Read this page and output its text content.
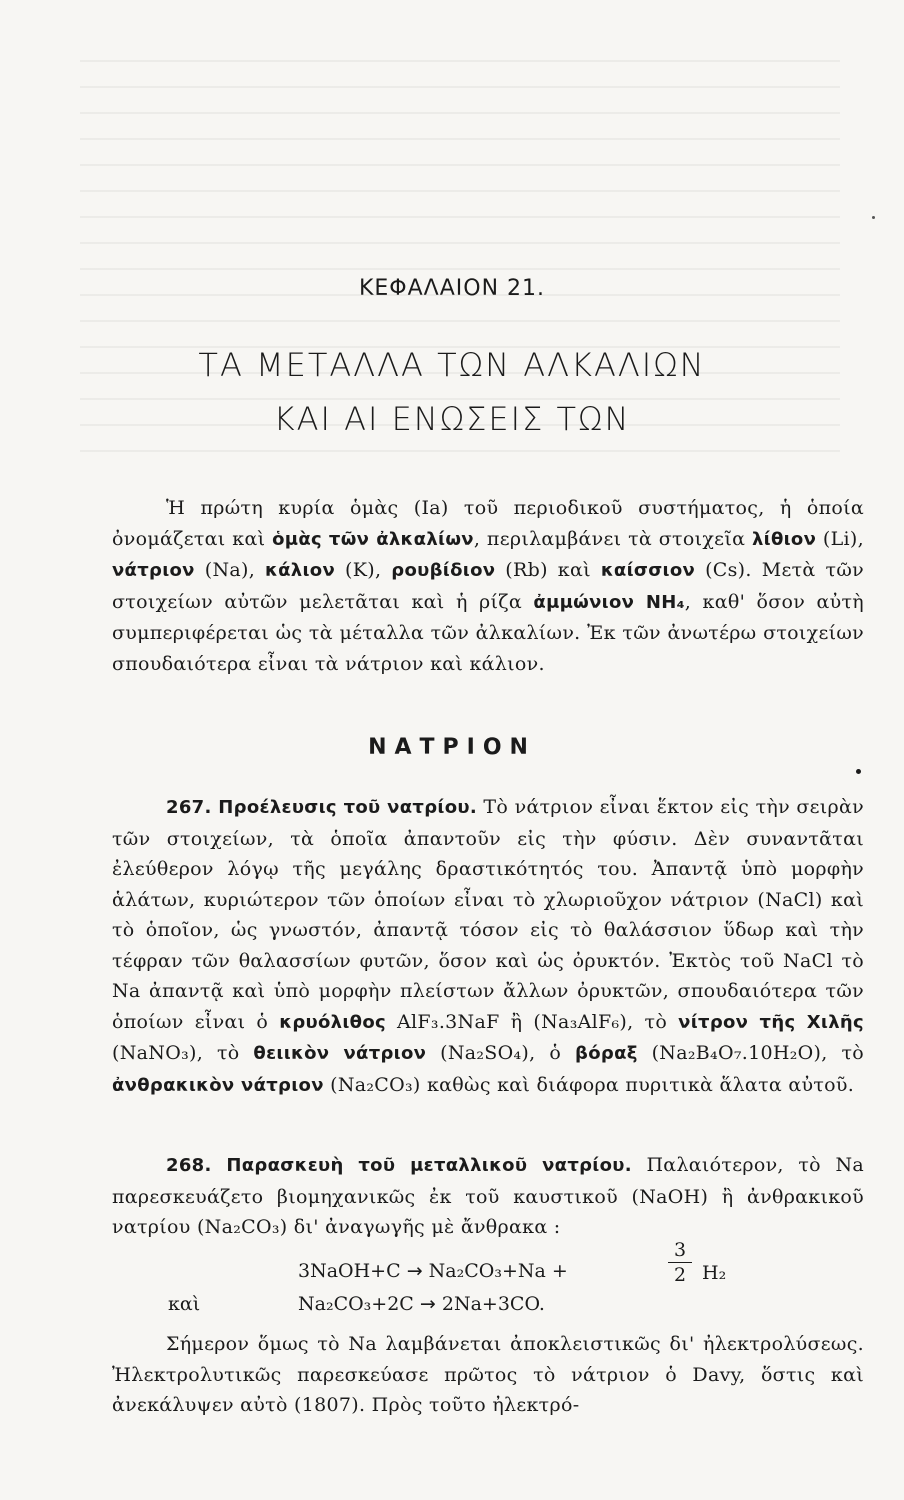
ΚΕΦΑΛΑΙΟΝ 21.
ΤΑ ΜΕΤΑΛΛΑ ΤΩΝ ΑΛΚΑΛΙΩΝ
ΚΑΙ ΑΙ ΕΝΩΣΕΙΣ ΤΩΝ
Ἡ πρώτη κυρία ὁμὰς (Ia) τοῦ περιοδικοῦ συστήματος, ἡ ὁποία ὀνομάζεται καὶ ὁμὰς τῶν ἀλκαλίων, περιλαμβάνει τὰ στοιχεῖα λίθιον (Li), νάτριον (Na), κάλιον (K), ρουβίδιον (Rb) καὶ καίσσιον (Cs). Μετὰ τῶν στοιχείων αὐτῶν μελετᾶται καὶ ἡ ρίζα ἀμμώνιον ΝΗ₄, καθ' ὅσον αὐτὴ συμπεριφέρεται ὡς τὰ μέταλλα τῶν ἀλκαλίων. Ἐκ τῶν ἀνωτέρω στοιχείων σπουδαιότερα εἶναι τὰ νάτριον καὶ κάλιον.
ΝΑΤΡΙΟΝ
267. Προέλευσις τοῦ νατρίου. Τὸ νάτριον εἶναι ἕκτον εἰς τὴν σειρὰν τῶν στοιχείων, τὰ ὁποῖα ἀπαντοῦν εἰς τὴν φύσιν. Δὲν συναντᾶται ἐλεύθερον λόγῳ τῆς μεγάλης δραστικότητός του. Ἀπαντᾷ ὑπὸ μορφὴν ἁλάτων, κυριώτερον τῶν ὁποίων εἶναι τὸ χλωριοῦχον νάτριον (NaCl) καὶ τὸ ὁποῖον, ὡς γνωστόν, ἀπαντᾷ τόσον εἰς τὸ θαλάσσιον ὕδωρ καὶ τὴν τέφραν τῶν θαλασσίων φυτῶν, ὅσον καὶ ὡς ὀρυκτόν. Ἐκτὸς τοῦ NaCl τὸ Na ἀπαντᾷ καὶ ὑπὸ μορφὴν πλείστων ἄλλων ὀρυκτῶν, σπουδαιότερα τῶν ὁποίων εἶναι ὁ κρυόλιθος AlF₃.3NaF ἢ (Na₃AlF₆), τὸ νίτρον τῆς Χιλῆς (NaNO₃), τὸ θειικὸν νάτριον (Na₂SO₄), ὁ βόραξ (Na₂B₄O₇.10H₂O), τὸ ἀνθρακικὸν νάτριον (Na₂CO₃) καθὼς καὶ διάφορα πυριτικὰ ἅλατα αὐτοῦ.
268. Παρασκευὴ τοῦ μεταλλικοῦ νατρίου. Παλαιότερον, τὸ Na παρεσκευάζετο βιομηχανικῶς ἐκ τοῦ καυστικοῦ (NaOH) ἢ ἀνθρακικοῦ νατρίου (Na₂CO₃) δι' ἀναγωγῆς μὲ ἄνθρακα :
3NaOH+C → Na₂CO₃+Na +	$\frac{3}{2} H_2$
καὶ	Na₂CO₃+2C → 2Na+3CO.
Σήμερον ὅμως τὸ Na λαμβάνεται ἀποκλειστικῶς δι' ἠλεκτρολύσεως. Ἠλεκτρολυτικῶς παρεσκεύασε πρῶτος τὸ νάτριον ὁ Davy, ὅστις καὶ ἀνεκάλυψεν αὐτὸ (1807). Πρὸς τοῦτο ἠλεκτρό-
